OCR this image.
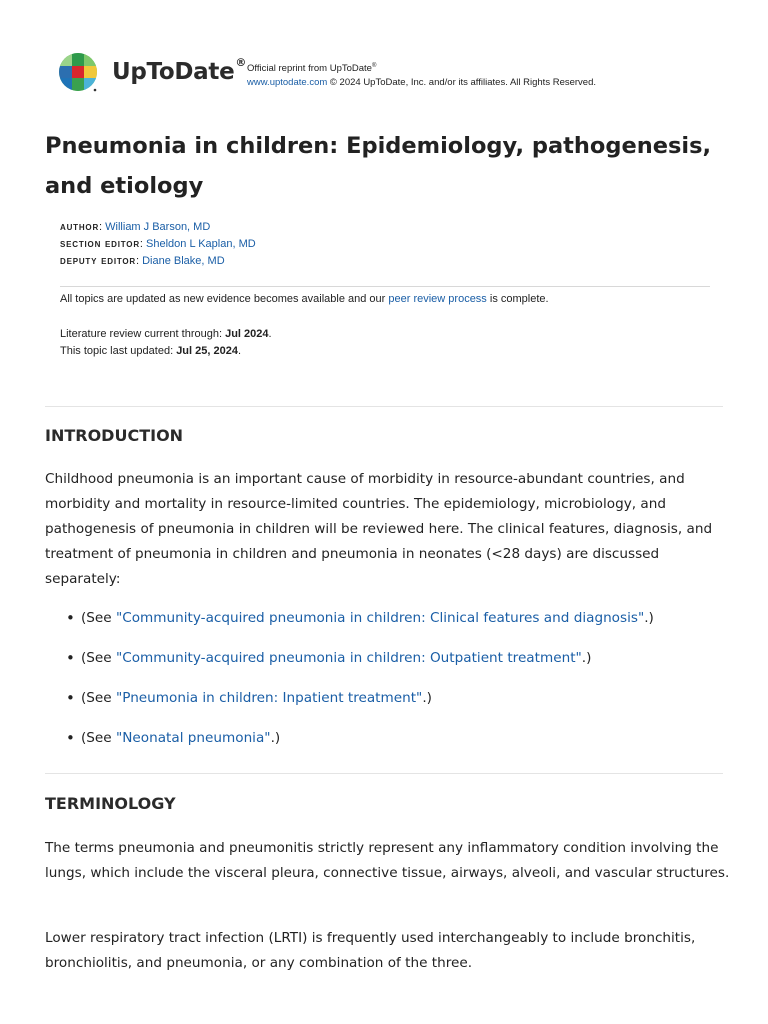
UpToDate® Official reprint from UpToDate®
www.uptodate.com © 2024 UpToDate, Inc. and/or its affiliates. All Rights Reserved.
Pneumonia in children: Epidemiology, pathogenesis, and etiology
author: William J Barson, MD
section editor: Sheldon L Kaplan, MD
deputy editor: Diane Blake, MD
All topics are updated as new evidence becomes available and our peer review process is complete.
Literature review current through: Jul 2024.
This topic last updated: Jul 25, 2024.
INTRODUCTION

Childhood pneumonia is an important cause of morbidity in resource-abundant countries, and morbidity and mortality in resource-limited countries. The epidemiology, microbiology, and pathogenesis of pneumonia in children will be reviewed here. The clinical features, diagnosis, and treatment of pneumonia in children and pneumonia in neonates (<28 days) are discussed separately:

• (See "Community-acquired pneumonia in children: Clinical features and diagnosis".)
• (See "Community-acquired pneumonia in children: Outpatient treatment".)
• (See "Pneumonia in children: Inpatient treatment".)
• (See "Neonatal pneumonia".)
TERMINOLOGY

The terms pneumonia and pneumonitis strictly represent any inflammatory condition involving the lungs, which include the visceral pleura, connective tissue, airways, alveoli, and vascular structures.

Lower respiratory tract infection (LRTI) is frequently used interchangeably to include bronchitis, bronchiolitis, and pneumonia, or any combination of the three.
